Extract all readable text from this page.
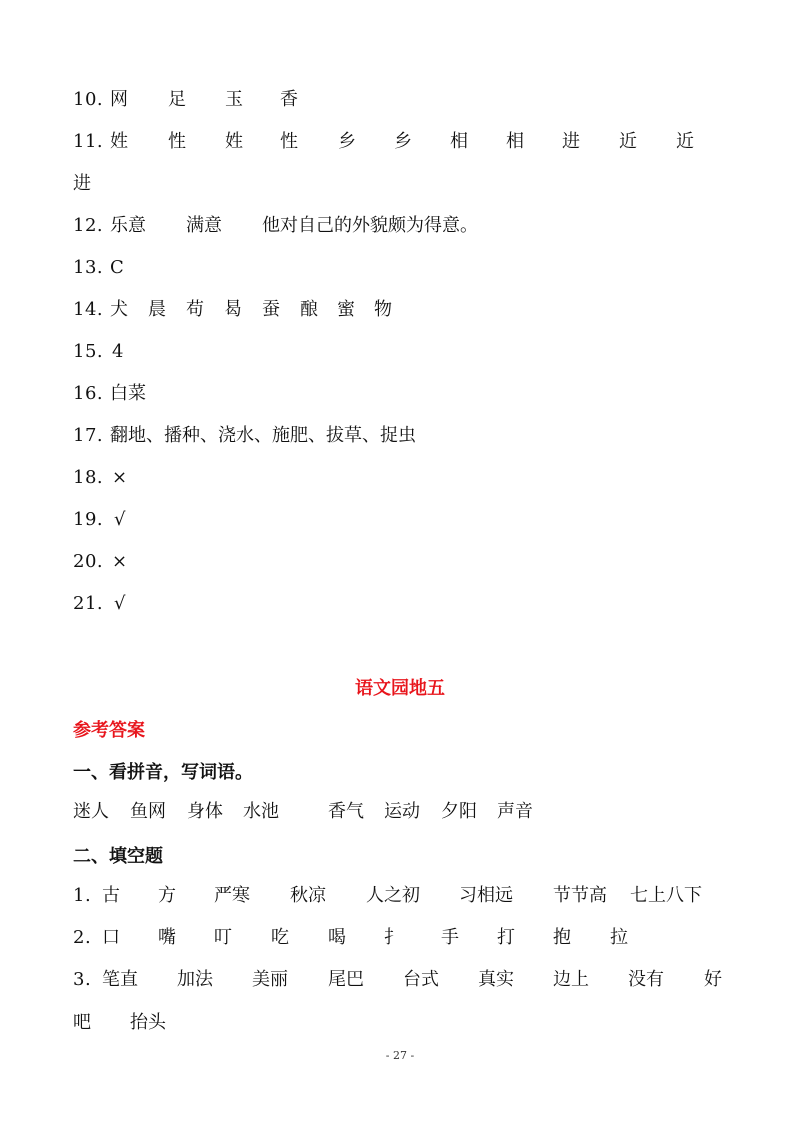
10. 网 足 玉 香
11. 姓 性 姓 性 乡 乡 相 相 进 近 近
进
12. 乐意 满意 他对自己的外貌颇为得意。
13. C
14. 犬 晨 苟 曷 蚕 酿 蜜 物
15. 4
16. 白菜
17. 翻地、播种、浇水、施肥、拔草、捉虫
18. ×
19. √
20. ×
21. √
语文园地五
参考答案
一、看拼音，写词语。
迷人 鱼网 身体 水池	香气 运动 夕阳 声音
二、填空题
1. 古 方 严寒 秋凉 人之初 习相远 节节高 七上八下
2. 口 嘴 叮 吃 喝 扌 手 打 抱 拉
3. 笔直 加法 美丽 尾巴 台式 真实 边上 没有 好
吧 抬头
- 27 -
